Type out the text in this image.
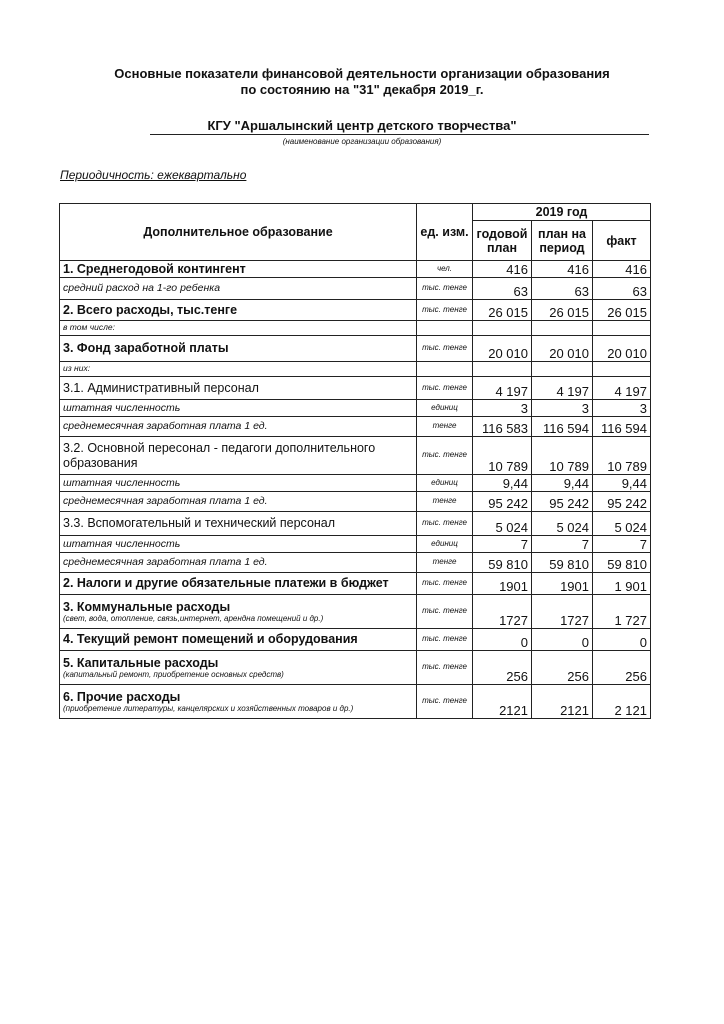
Основные показатели финансовой деятельности организации образования
по состоянию на "31" декабря 2019_г.
КГУ "Аршалынский центр детского творчества"
(наименование организации образования)
Периодичность: ежеквартально
Дополнительное образование	ед. изм.	2019 год		
		годовой план	план на период	факт
1. Среднегодовой контингент	чел.	416	416	416
средний расход на 1-го ребенка	тыс. тенге	63	63	63
2. Всего расходы, тыс.тенге	тыс. тенге	26 015	26 015	26 015
в том числе:				
3. Фонд заработной платы	тыс. тенге	20 010	20 010	20 010
из них:				
3.1. Административный персонал	тыс. тенге	4 197	4 197	4 197
штатная численность	единиц	3	3	3
среднемесячная заработная плата 1 ед.	тенге	116 583	116 594	116 594
3.2. Основной пересонал - педагоги дополнительного
образования	тыс. тенге	10 789	10 789	10 789
штатная численность	единиц	9,44	9,44	9,44
среднемесячная заработная плата 1 ед.	тенге	95 242	95 242	95 242
3.3. Вспомогательный и технический персонал	тыс. тенге	5 024	5 024	5 024
штатная численность	единиц	7	7	7
среднемесячная заработная плата 1 ед.	тенге	59 810	59 810	59 810
2. Налоги и другие обязательные платежи в бюджет	тыс. тенге	1901	1901	1 901
3. Коммунальные расходы
(свет, вода, отопление, связь,интернет, арендна помещений и др.)	тыс. тенге	1727	1727	1 727
4. Текущий ремонт помещений и оборудования	тыс. тенге	0	0	0
5. Капитальные расходы
(капитальный ремонт, приобретение основных средств)	тыс. тенге	256	256	256
6. Прочие расходы
(приобретение литературы, канцелярских и хозяйственных товаров и др.)	тыс. тенге	2121	2121	2 121
